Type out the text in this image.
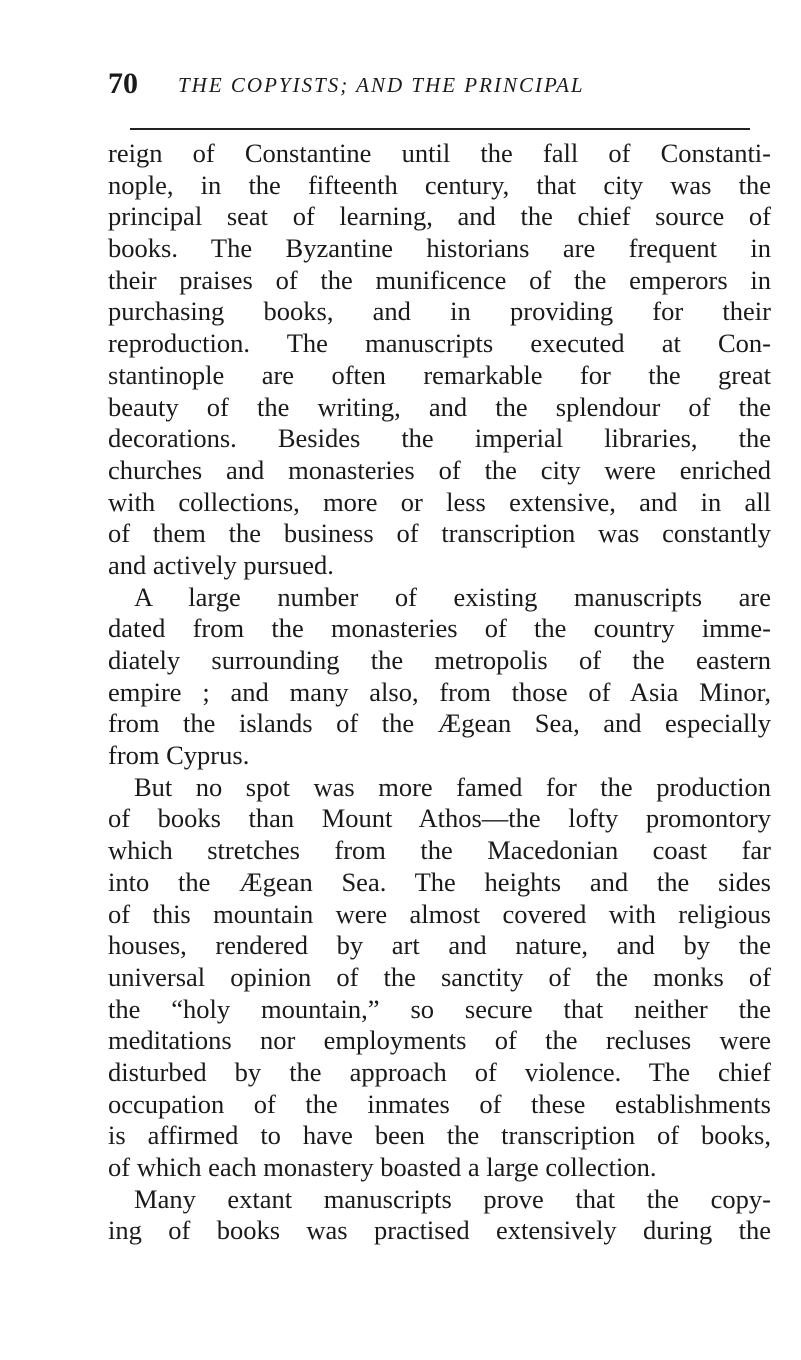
70 THE COPYISTS; AND THE PRINCIPAL
reign of Constantine until the fall of Constanti-
nople, in the fifteenth century, that city was the
principal seat of learning, and the chief source of
books. The Byzantine historians are frequent in
their praises of the munificence of the emperors in
purchasing books, and in providing for their
reproduction. The manuscripts executed at Con-
stantinople are often remarkable for the great
beauty of the writing, and the splendour of the
decorations. Besides the imperial libraries, the
churches and monasteries of the city were enriched
with collections, more or less extensive, and in all
of them the business of transcription was constantly
and actively pursued.
A large number of existing manuscripts are
dated from the monasteries of the country imme-
diately surrounding the metropolis of the eastern
empire ; and many also, from those of Asia Minor,
from the islands of the Ægean Sea, and especially
from Cyprus.
But no spot was more famed for the production
of books than Mount Athos—the lofty promontory
which stretches from the Macedonian coast far
into the Ægean Sea. The heights and the sides
of this mountain were almost covered with religious
houses, rendered by art and nature, and by the
universal opinion of the sanctity of the monks of
the “holy mountain,” so secure that neither the
meditations nor employments of the recluses were
disturbed by the approach of violence. The chief
occupation of the inmates of these establishments
is affirmed to have been the transcription of books,
of which each monastery boasted a large collection.
Many extant manuscripts prove that the copy-
ing of books was practised extensively during the
